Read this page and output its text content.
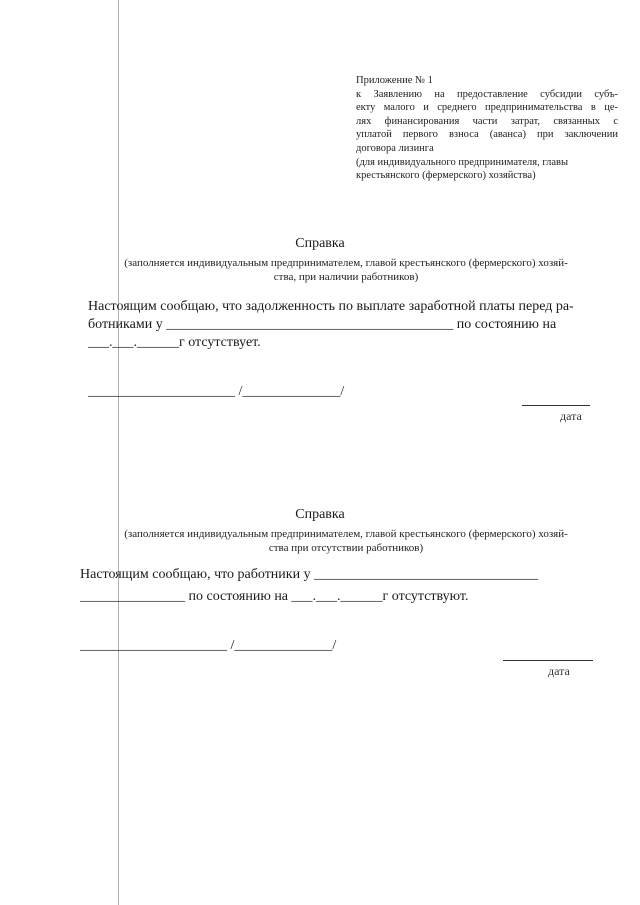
Приложение № 1
к Заявлению на предоставление субсидии субъ-
екту малого и среднего предпринимательства в це-
лях финансирования части затрат, связанных с
уплатой первого взноса (аванса) при заключении
договора лизинга
(для индивидуального предпринимателя, главы
крестьянского (фермерского) хозяйства)
Справка
(заполняется индивидуальным предпринимателем, главой крестьянского (фермерского) хозяй-
ства, при наличии работников)
Настоящим сообщаю, что задолженность по выплате заработной платы перед ра-
ботниками у _________________________________________ по состоянию на
___.___.______г отсутствует.
_____________________ /______________/
дата
Справка
(заполняется индивидуальным предпринимателем, главой крестьянского (фермерского) хозяй-
ства при отсутствии работников)
Настоящим сообщаю, что работники у ________________________________
_______________ по состоянию на ___.___.______г отсутствуют.
_____________________ /______________/
дата
